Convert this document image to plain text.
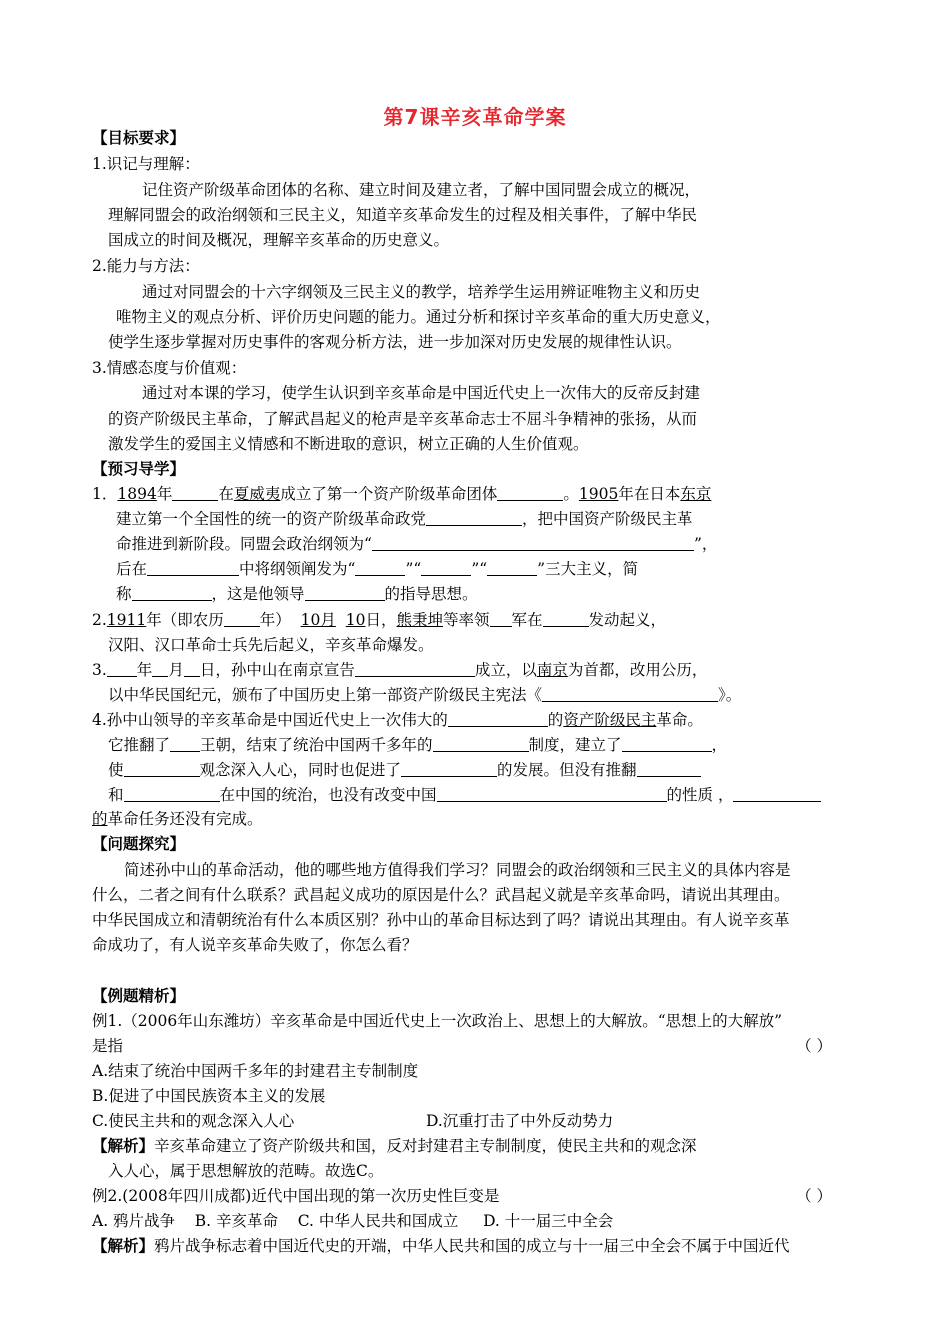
第7课辛亥革命学案
【目标要求】
1.识记与理解：
记住资产阶级革命团体的名称、建立时间及建立者，了解中国同盟会成立的概况，
理解同盟会的政治纲领和三民主义，知道辛亥革命发生的过程及相关事件，了解中华民
国成立的时间及概况，理解辛亥革命的历史意义。
2.能力与方法：
通过对同盟会的十六字纲领及三民主义的教学，培养学生运用辨证唯物主义和历史
唯物主义的观点分析、评价历史问题的能力。通过分析和探讨辛亥革命的重大历史意义，
使学生逐步掌握对历史事件的客观分析方法，进一步加深对历史发展的规律性认识。
3.情感态度与价值观：
通过对本课的学习，使学生认识到辛亥革命是中国近代史上一次伟大的反帝反封建
的资产阶级民主革命，了解武昌起义的枪声是辛亥革命志士不屈斗争精神的张扬，从而
激发学生的爱国主义情感和不断进取的意识，树立正确的人生价值观。
【预习导学】
1．1894年	在夏威夷成立了第一个资产阶级革命团体	。1905年在日本东京
建立第一个全国性的统一的资产阶级革命政党	，把中国资产阶级民主革
命推进到新阶段。同盟会政治纲领为“	”，
后在	中将纲领阐发为“	”“	”“	”三大主义，简
称	，这是他领导	的指导思想。
2.1911年（即农历 年） 10月 10日，熊秉坤等率领 军在	发动起义，
汉阳、汉口革命士兵先后起义，辛亥革命爆发。
3. 年 月 日，孙中山在南京宣告	成立，以南京为首都，改用公历，
以中华民国纪元，颁布了中国历史上第一部资产阶级民主宪法《	》。
4.孙中山领导的辛亥革命是中国近代史上一次伟大的	的资产阶级民主革命。
它推翻了 王朝，结束了统治中国两千多年的	制度，建立了	，
使	观念深入人心，同时也促进了	的发展。但没有推翻
和	在中国的统治，也没有改变中国	的性质 ，
的革命任务还没有完成。
【问题探究】
简述孙中山的革命活动，他的哪些地方值得我们学习？同盟会的政治纲领和三民主义的具体内容是
什么，二者之间有什么联系？武昌起义成功的原因是什么？武昌起义就是辛亥革命吗，请说出其理由。
中华民国成立和清朝统治有什么本质区别？孙中山的革命目标达到了吗？请说出其理由。有人说辛亥革
命成功了，有人说辛亥革命失败了，你怎么看？
【例题精析】
例1.（2006年山东潍坊）辛亥革命是中国近代史上一次政治上、思想上的大解放。“思想上的大解放”
是指	（ ）
A.结束了统治中国两千多年的封建君主专制制度
B.促进了中国民族资本主义的发展
C.使民主共和的观念深入人心	D.沉重打击了中外反动势力
【解析】辛亥革命建立了资产阶级共和国，反对封建君主专制制度，使民主共和的观念深
入人心，属于思想解放的范畴。故选C。
例2.(2008年四川成都)近代中国出现的第一次历史性巨变是	（ ）
A. 鸦片战争 B. 辛亥革命 C. 中华人民共和国成立 D. 十一届三中全会
【解析】鸦片战争标志着中国近代史的开端，中华人民共和国的成立与十一届三中全会不属于中国近代
